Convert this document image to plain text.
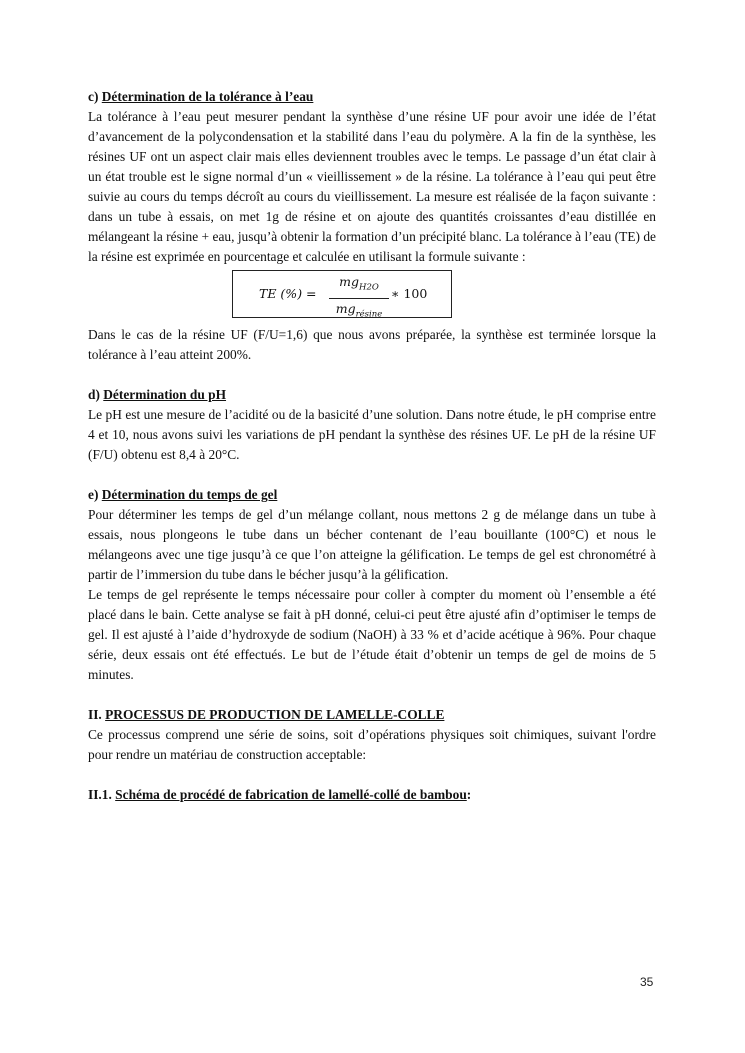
c) Détermination de la tolérance à l’eau

La tolérance à l’eau peut mesurer pendant la synthèse d’une résine UF pour avoir une idée de l’état d’avancement de la polycondensation et la stabilité dans l’eau du polymère. A la fin de la synthèse, les résines UF ont un aspect clair mais elles deviennent troubles avec le temps. Le passage d’un état clair à un état trouble est le signe normal d’un « vieillissement » de la résine. La tolérance à l’eau qui peut être suivie au cours du temps décroît au cours du vieillissement. La mesure est réalisée de la façon suivante : dans un tube à essais, on met 1g de résine et on ajoute des quantités croissantes d’eau distillée en mélangeant la résine + eau, jusqu’à obtenir la formation d’un précipité blanc. La tolérance à l’eau (TE) de la résine est exprimée en pourcentage et calculée en utilisant la formule suivante :

TE (%) =
$mg_{H2O}$
$mg_{résine}$
∗ 100

Dans le cas de la résine UF (F/U=1,6) que nous avons préparée, la synthèse est terminée lorsque la tolérance à l’eau atteint 200%.

d) Détermination du pH

Le pH est une mesure de l’acidité ou de la basicité d’une solution. Dans notre étude, le pH comprise entre 4 et 10, nous avons suivi les variations de pH pendant la synthèse des résines UF. Le pH de la résine UF (F/U) obtenu est 8,4 à 20°C.

e) Détermination du temps de gel

Pour déterminer les temps de gel d’un mélange collant, nous mettons 2 g de mélange dans un tube à essais, nous plongeons le tube dans un bécher contenant de l’eau bouillante (100°C) et nous le mélangeons avec une tige jusqu’à ce que l’on atteigne la gélification. Le temps de gel est chronométré à partir de l’immersion du tube dans le bécher jusqu’à la gélification.

Le temps de gel représente le temps nécessaire pour coller à compter du moment où l’ensemble a été placé dans le bain. Cette analyse se fait à pH donné, celui-ci peut être ajusté afin d’optimiser le temps de gel. Il est ajusté à l’aide d’hydroxyde de sodium (NaOH) à 33 % et d’acide acétique à 96%. Pour chaque série, deux essais ont été effectués. Le but de l’étude était d’obtenir un temps de gel de moins de 5 minutes.

II. PROCESSUS DE PRODUCTION DE LAMELLE-COLLE

Ce processus comprend une série de soins, soit d’opérations physiques soit chimiques, suivant l'ordre pour rendre un matériau de construction acceptable:

II.1. Schéma de procédé de fabrication de lamellé-collé de bambou:

35
